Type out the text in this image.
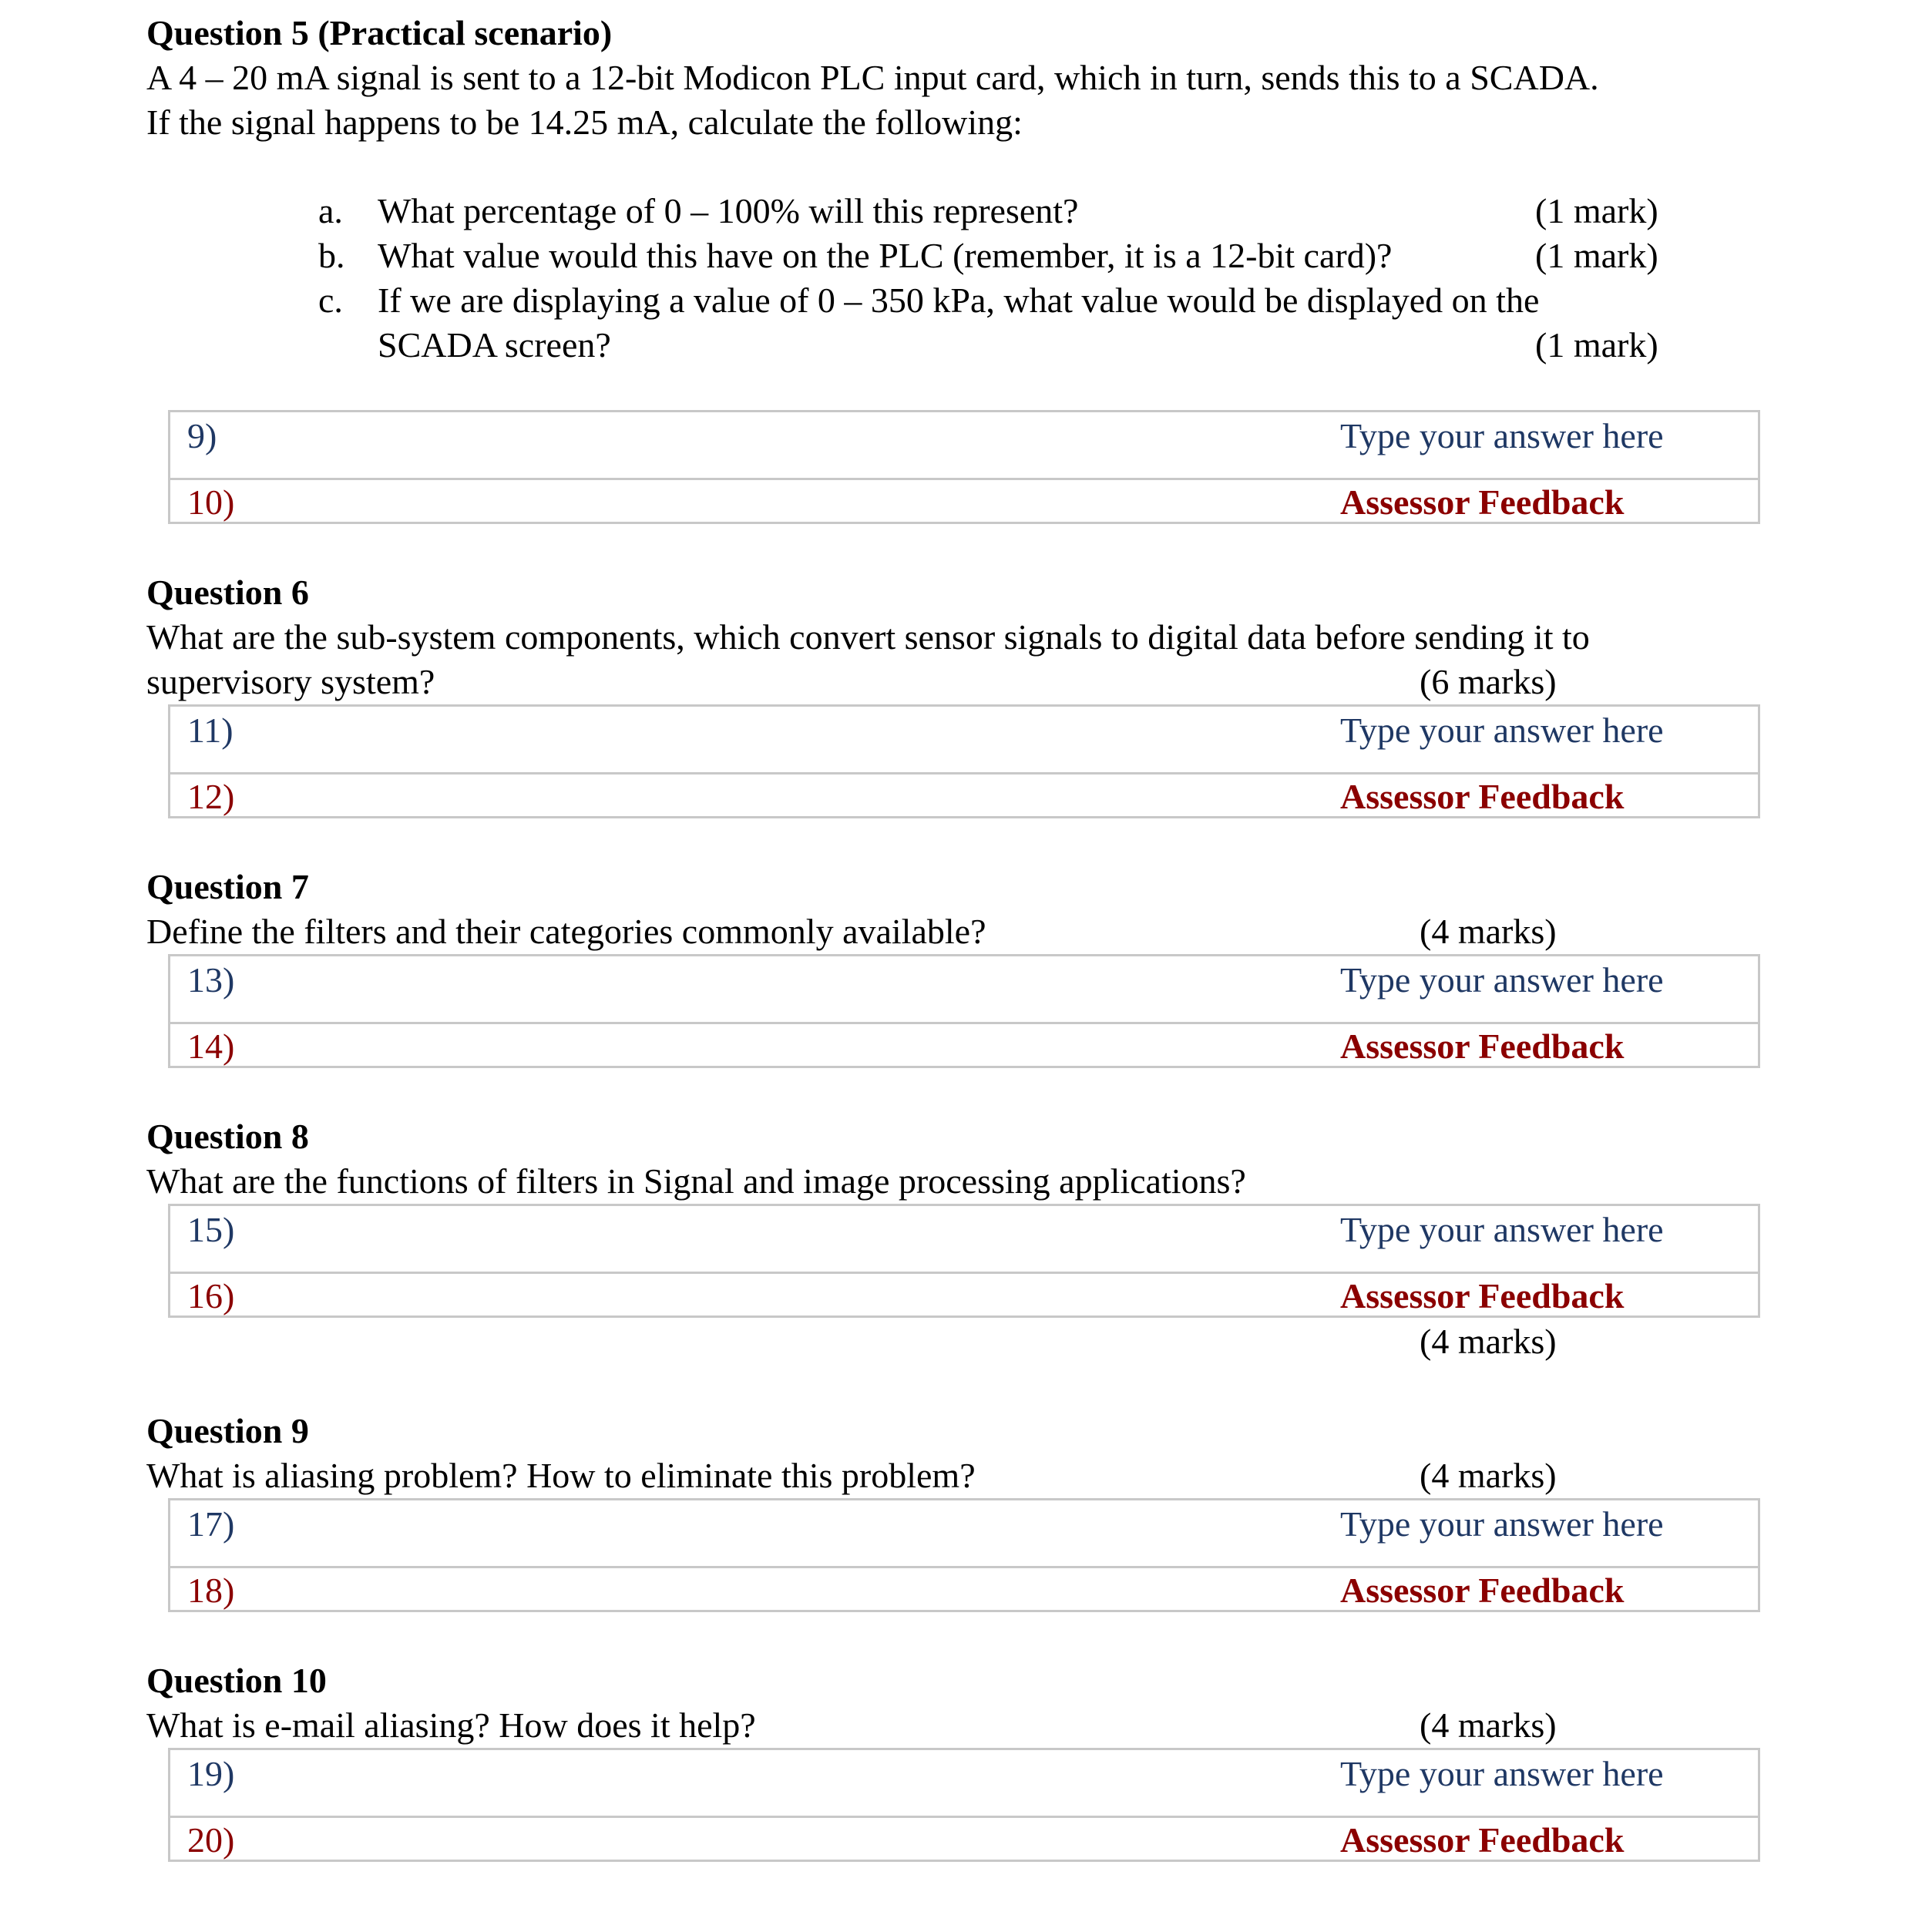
Question 5 (Practical scenario)
A 4 – 20 mA signal is sent to a 12-bit Modicon PLC input card, which in turn, sends this to a SCADA.
If the signal happens to be 14.25 mA, calculate the following:
a. What percentage of 0 – 100% will this represent?	(1 mark)
b. What value would this have on the PLC (remember, it is a 12-bit card)?	(1 mark)
c. If we are displaying a value of 0 – 350 kPa, what value would be displayed on the
SCADA screen?	(1 mark)
9)	Type your answer here
10)	Assessor Feedback
Question 6
What are the sub-system components, which convert sensor signals to digital data before sending it to
supervisory system?	(6 marks)
11)	Type your answer here
12)	Assessor Feedback
Question 7
Define the filters and their categories commonly available?	(4 marks)
13)	Type your answer here
14)	Assessor Feedback
Question 8
What are the functions of filters in Signal and image processing applications?
15)	Type your answer here
16)	Assessor Feedback
(4 marks)
Question 9
What is aliasing problem? How to eliminate this problem?	(4 marks)
17)	Type your answer here
18)	Assessor Feedback
Question 10
What is e-mail aliasing? How does it help?	(4 marks)
19)	Type your answer here
20)	Assessor Feedback
